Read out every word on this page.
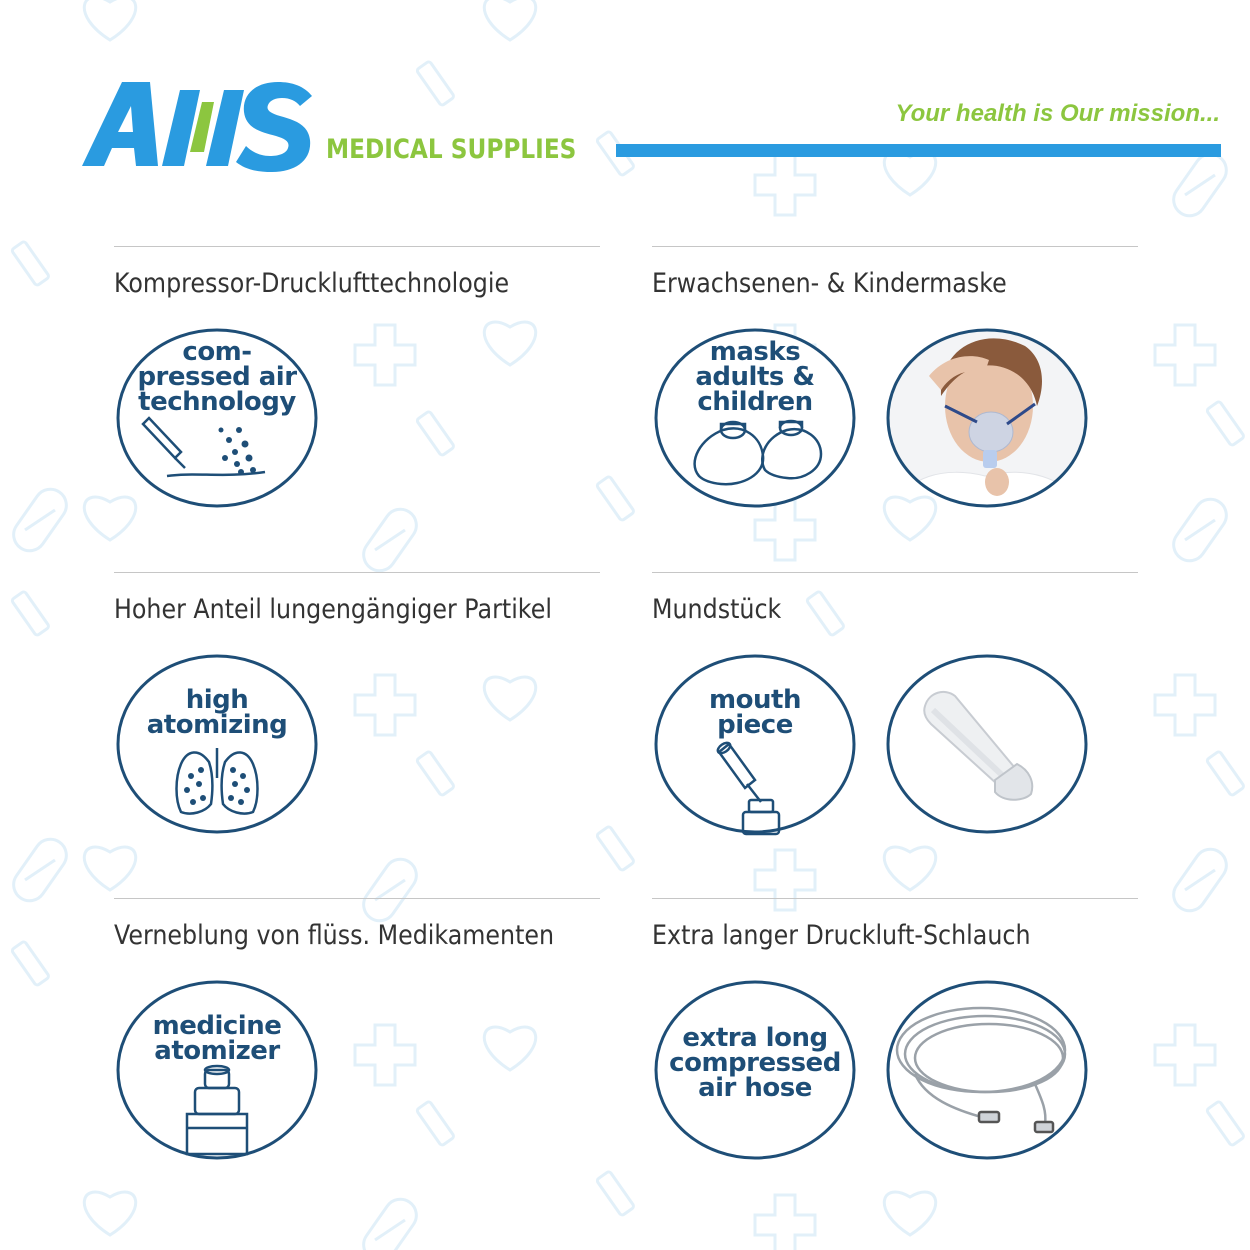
MEDICAL SUPPLIES
Your health is Our mission...
Kompressor-Drucklufttechnologie
com-
pressed air
technology
Erwachsenen- & Kindermaske
masks
adults &
children
Hoher Anteil lungengängiger Partikel
high
atomizing
Mundstück
mouth
piece
Verneblung von flüss. Medikamenten
medicine
atomizer
Extra langer Druckluft-Schlauch
extra long
compressed
air hose
